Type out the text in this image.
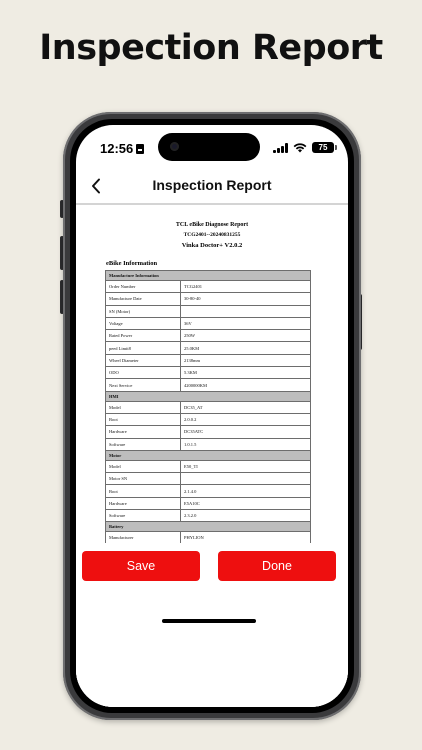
Inspection Report
12:56	75
Inspection Report
TCL eBike Diagnose Report
TCG2401--20240831255
Vinka Doctor+ V2.0.2
eBike Information
Manufacture Information	
Order Number	TCG2401
Manufacture Date	30-80-40
SN (Motor)	
Voltage	36V
Rated Power	250W
peed Limit8	25.0KM
Wheel Diameter	2138mm
ODO	5.3KM
Next Service	4200000KM
HMI	
Model	DC35_AT
Boot	2.0.0.2
Hardware	DC35ATC
Software	1.0.1.5
Motor	
Model	E50_TI
Motor SN	
Boot	2.1.4.0
Hardware	E5A10C
Software	2.3.2.0
Battery	
Manufacturer	PHYLION

Save	Done
